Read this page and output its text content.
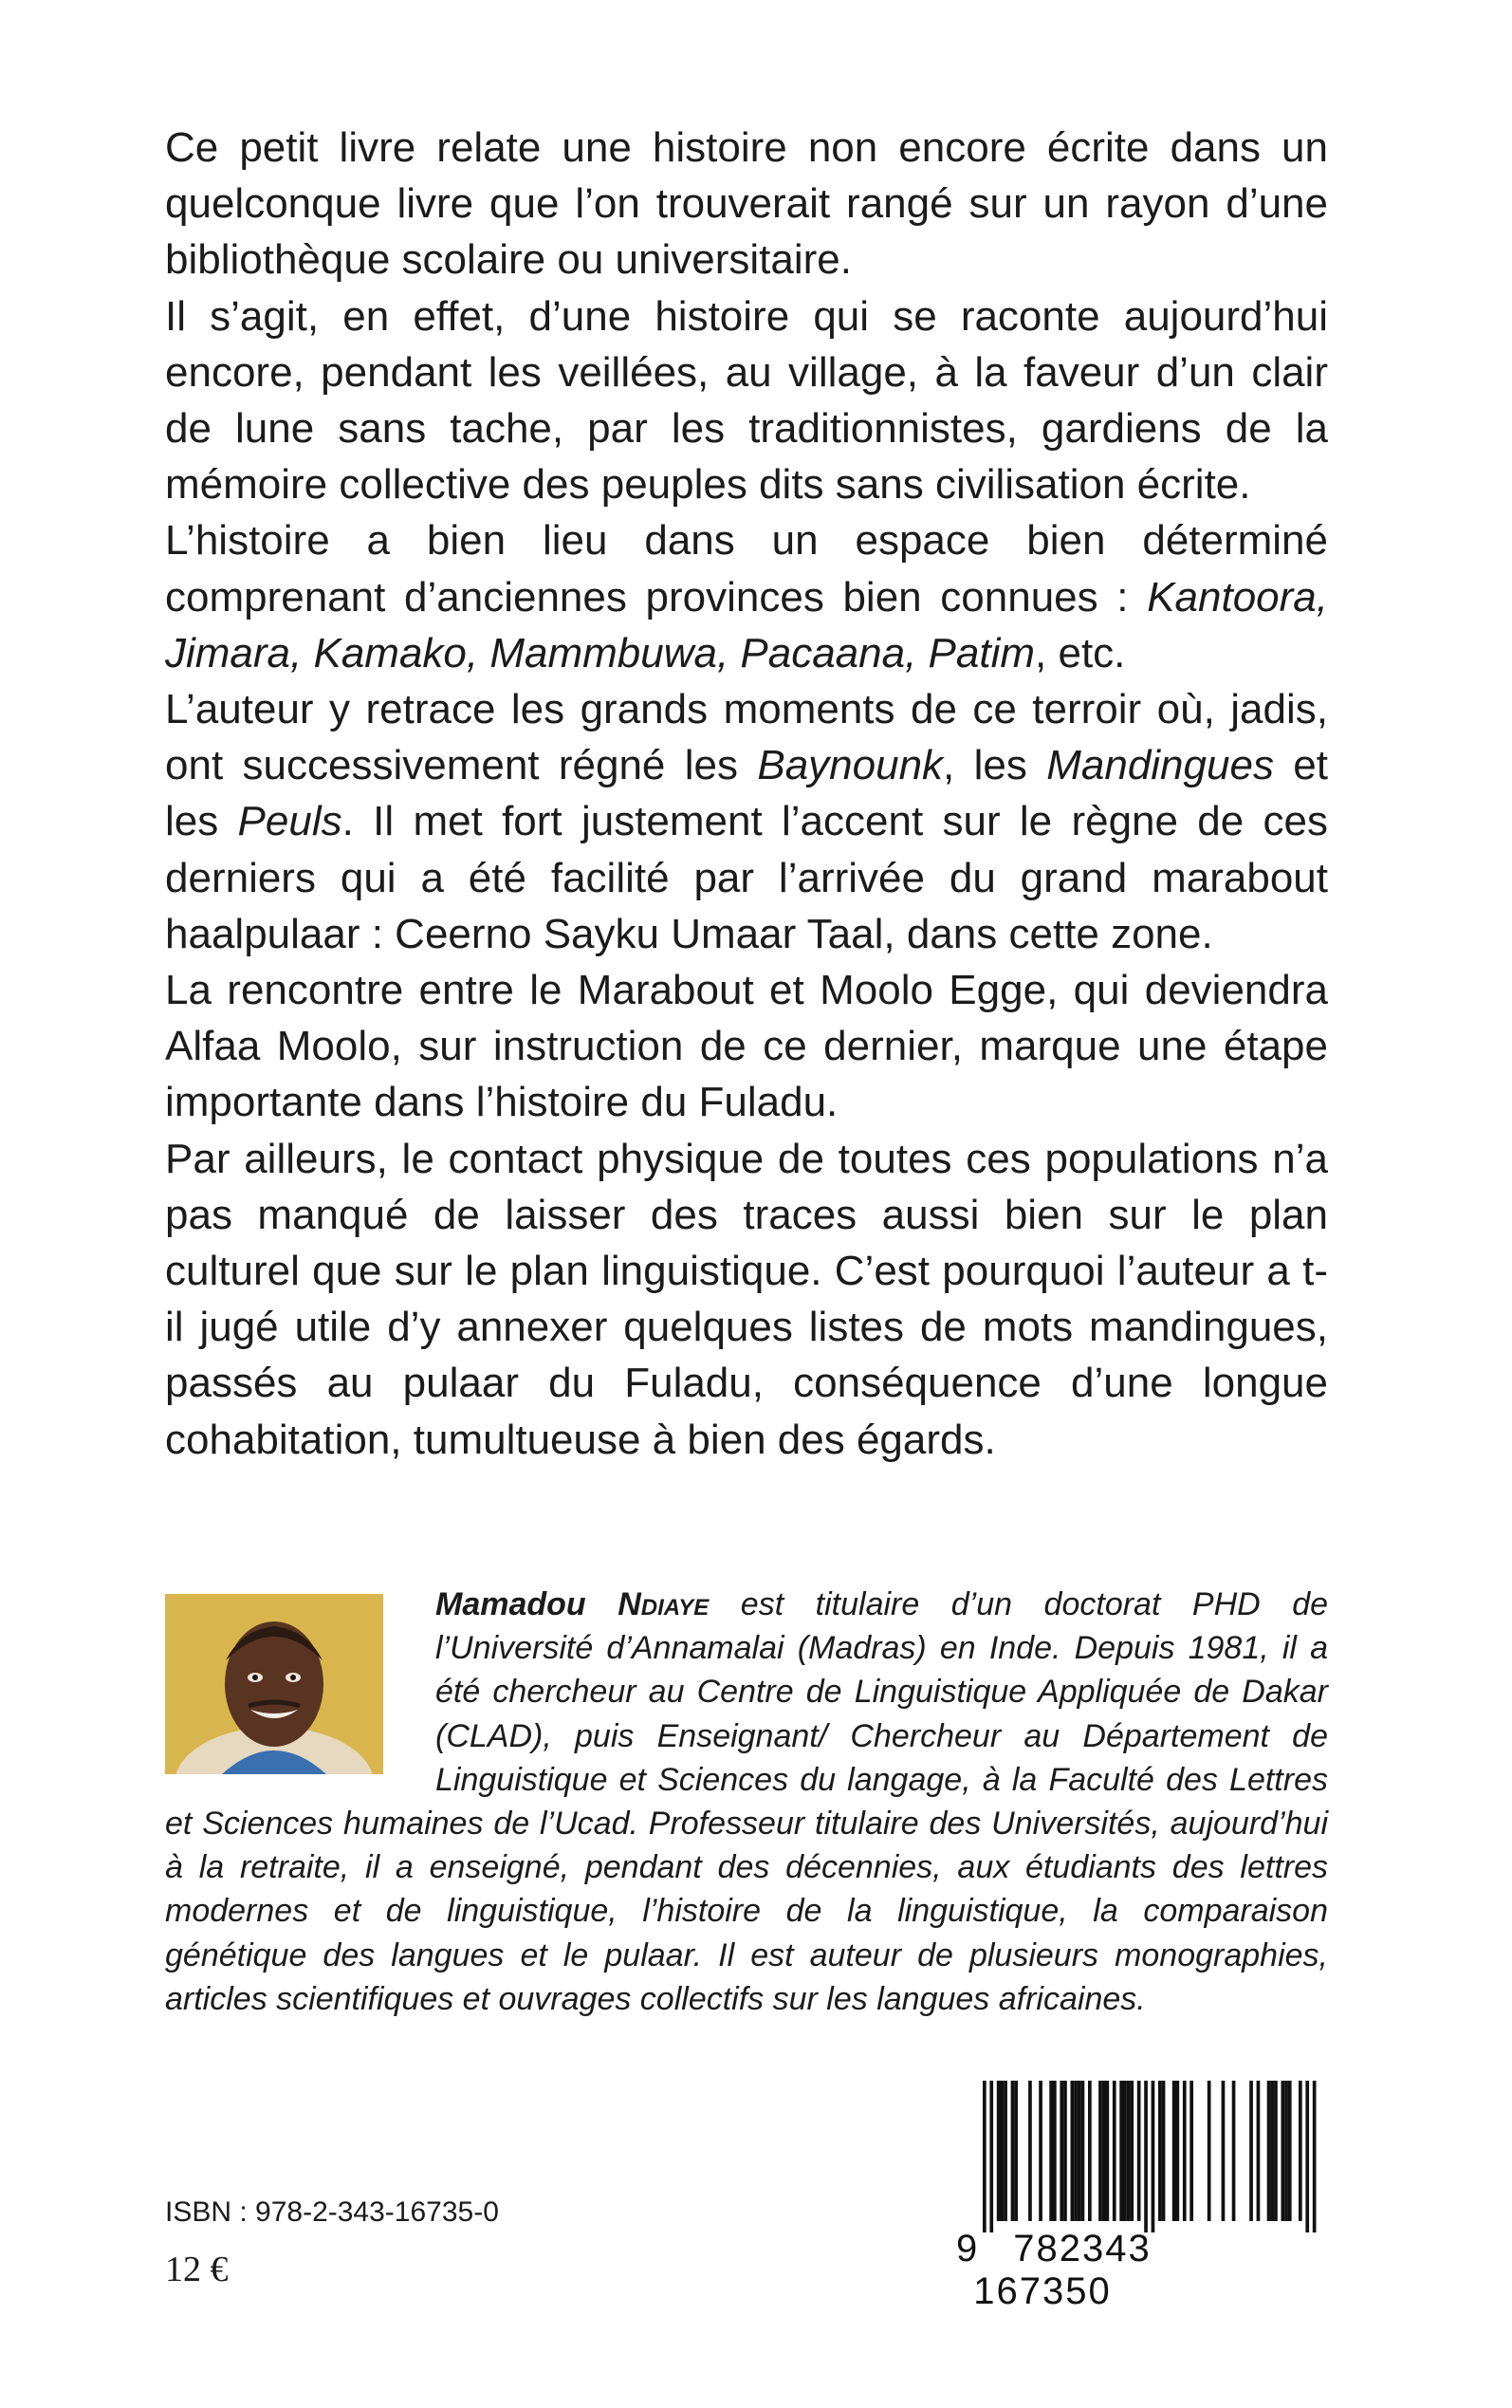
Ce petit livre relate une histoire non encore écrite dans un quelconque livre que l’on trouverait rangé sur un rayon d’une bibliothèque scolaire ou universitaire.

Il s’agit, en effet, d’une histoire qui se raconte aujourd’hui encore, pendant les veillées, au village, à la faveur d’un clair de lune sans tache, par les traditionnistes, gardiens de la mémoire collective des peuples dits sans civilisation écrite.

L’histoire a bien lieu dans un espace bien déterminé comprenant d’anciennes provinces bien connues : Kantoora, Jimara, Kamako, Mammbuwa, Pacaana, Patim, etc.

L’auteur y retrace les grands moments de ce terroir où, jadis, ont successivement régné les Baynounk, les Mandingues et les Peuls. Il met fort justement l’accent sur le règne de ces derniers qui a été facilité par l’arrivée du grand marabout haalpulaar : Ceerno Sayku Umaar Taal, dans cette zone.

La rencontre entre le Marabout et Moolo Egge, qui deviendra Alfaa Moolo, sur instruction de ce dernier, marque une étape importante dans l’histoire du Fuladu.

Par ailleurs, le contact physique de toutes ces populations n’a pas manqué de laisser des traces aussi bien sur le plan culturel que sur le plan linguistique. C’est pourquoi l’auteur a t-il jugé utile d’y annexer quelques listes de mots mandingues, passés au pulaar du Fuladu, conséquence d’une longue cohabitation, tumultueuse à bien des égards.

Mamadou Ndiaye est titulaire d’un doctorat PHD de l’Université d’Annamalai (Madras) en Inde. Depuis 1981, il a été chercheur au Centre de Linguistique Appliquée de Dakar (CLAD), puis Enseignant/ Chercheur au Département de Linguistique et Sciences du langage, à la Faculté des Lettres et Sciences humaines de l’Ucad. Professeur titulaire des Universités, aujourd’hui à la retraite, il a enseigné, pendant des décennies, aux étudiants des lettres modernes et de linguistique, l’histoire de la linguistique, la comparaison génétique des langues et le pulaar. Il est auteur de plusieurs monographies, articles scientifiques et ouvrages collectifs sur les langues africaines.

ISBN : 978-2-343-16735-0
12 €	9 782343167350
